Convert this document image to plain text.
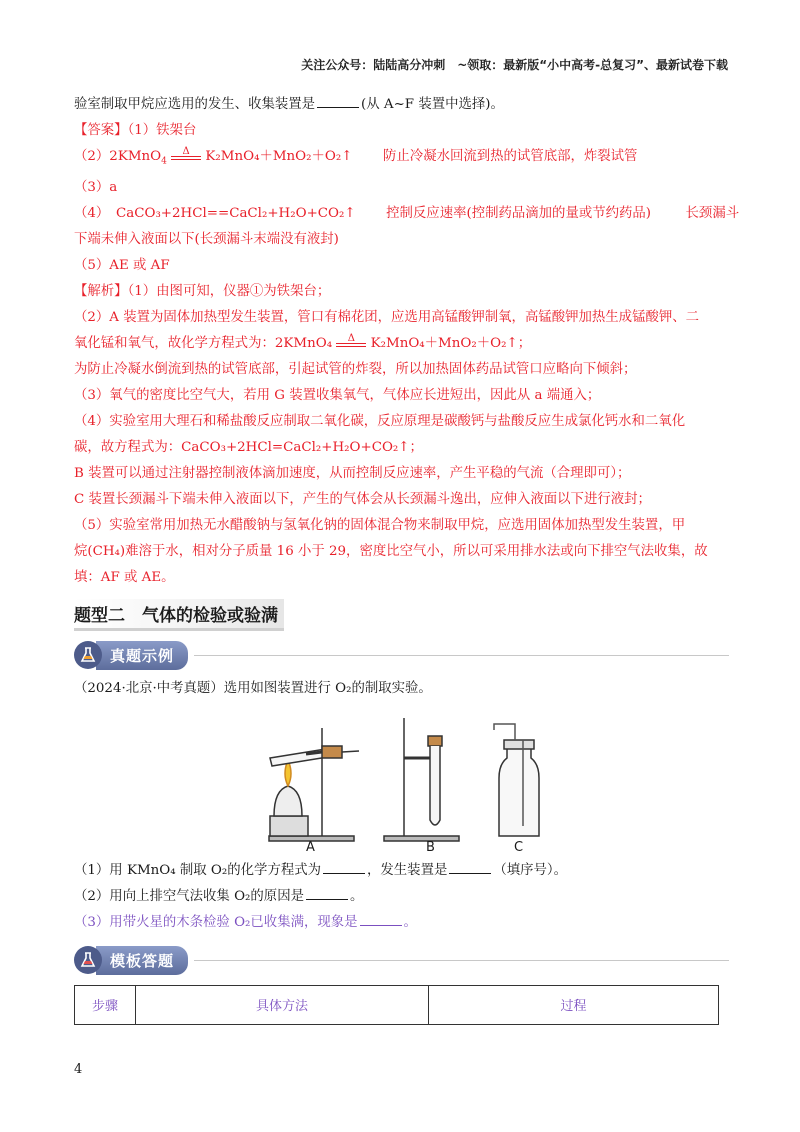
关注公众号：陆陆高分冲刺　~领取：最新版“小中高考-总复习”、最新试卷下载

验室制取甲烷应选用的发生、收集装置是	(从 A~F 装置中选择)。

【答案】（1）铁架台

（2）2KMnO$_4$
Δ	K₂MnO₄＋MnO₂＋O₂↑ 防止冷凝水回流到热的试管底部，炸裂试管

（3）a

（4）　CaCO₃+2HCl==CaCl₂+H₂O+CO₂↑ 控制反应速率(控制药品滴加的量或节约药品)	长颈漏斗

下端未伸入液面以下(长颈漏斗末端没有液封)

（5）AE 或 AF

【解析】（1）由图可知，仪器①为铁架台；

（2）A 装置为固体加热型发生装置，管口有棉花团，应选用高锰酸钾制氧，高锰酸钾加热生成锰酸钾、二

氧化锰和氧气，故化学方程式为：2KMnO₄	Δ	K₂MnO₄＋MnO₂＋O₂↑；

为防止冷凝水倒流到热的试管底部，引起试管的炸裂，所以加热固体药品试管口应略向下倾斜；

（3）氧气的密度比空气大，若用 G 装置收集氧气，气体应长进短出，因此从 a 端通入；

（4）实验室用大理石和稀盐酸反应制取二氧化碳，反应原理是碳酸钙与盐酸反应生成氯化钙水和二氧化

碳，故方程式为：CaCO₃+2HCl=CaCl₂+H₂O+CO₂↑；

B 装置可以通过注射器控制液体滴加速度，从而控制反应速率，产生平稳的气流（合理即可）；

C 装置长颈漏斗下端未伸入液面以下，产生的气体会从长颈漏斗逸出，应伸入液面以下进行液封；

（5）实验室常用加热无水醋酸钠与氢氧化钠的固体混合物来制取甲烷，应选用固体加热型发生装置，甲

烷(CH₄)难溶于水，相对分子质量 16 小于 29，密度比空气小，所以可采用排水法或向下排空气法收集，故

填：AF 或 AE。

题型二　气体的检验或验满
真题示例

（2024·北京·中考真题）选用如图装置进行 O₂的制取实验。

A	B	C

（1）用 KMnO₄ 制取 O₂的化学方程式为	，发生装置是	（填序号）。

（2）用向上排空气法收集 O₂的原因是	。

（3）用带火星的木条检验 O₂已收集满，现象是	。

模板答题
步骤	具体方法	过程
4
